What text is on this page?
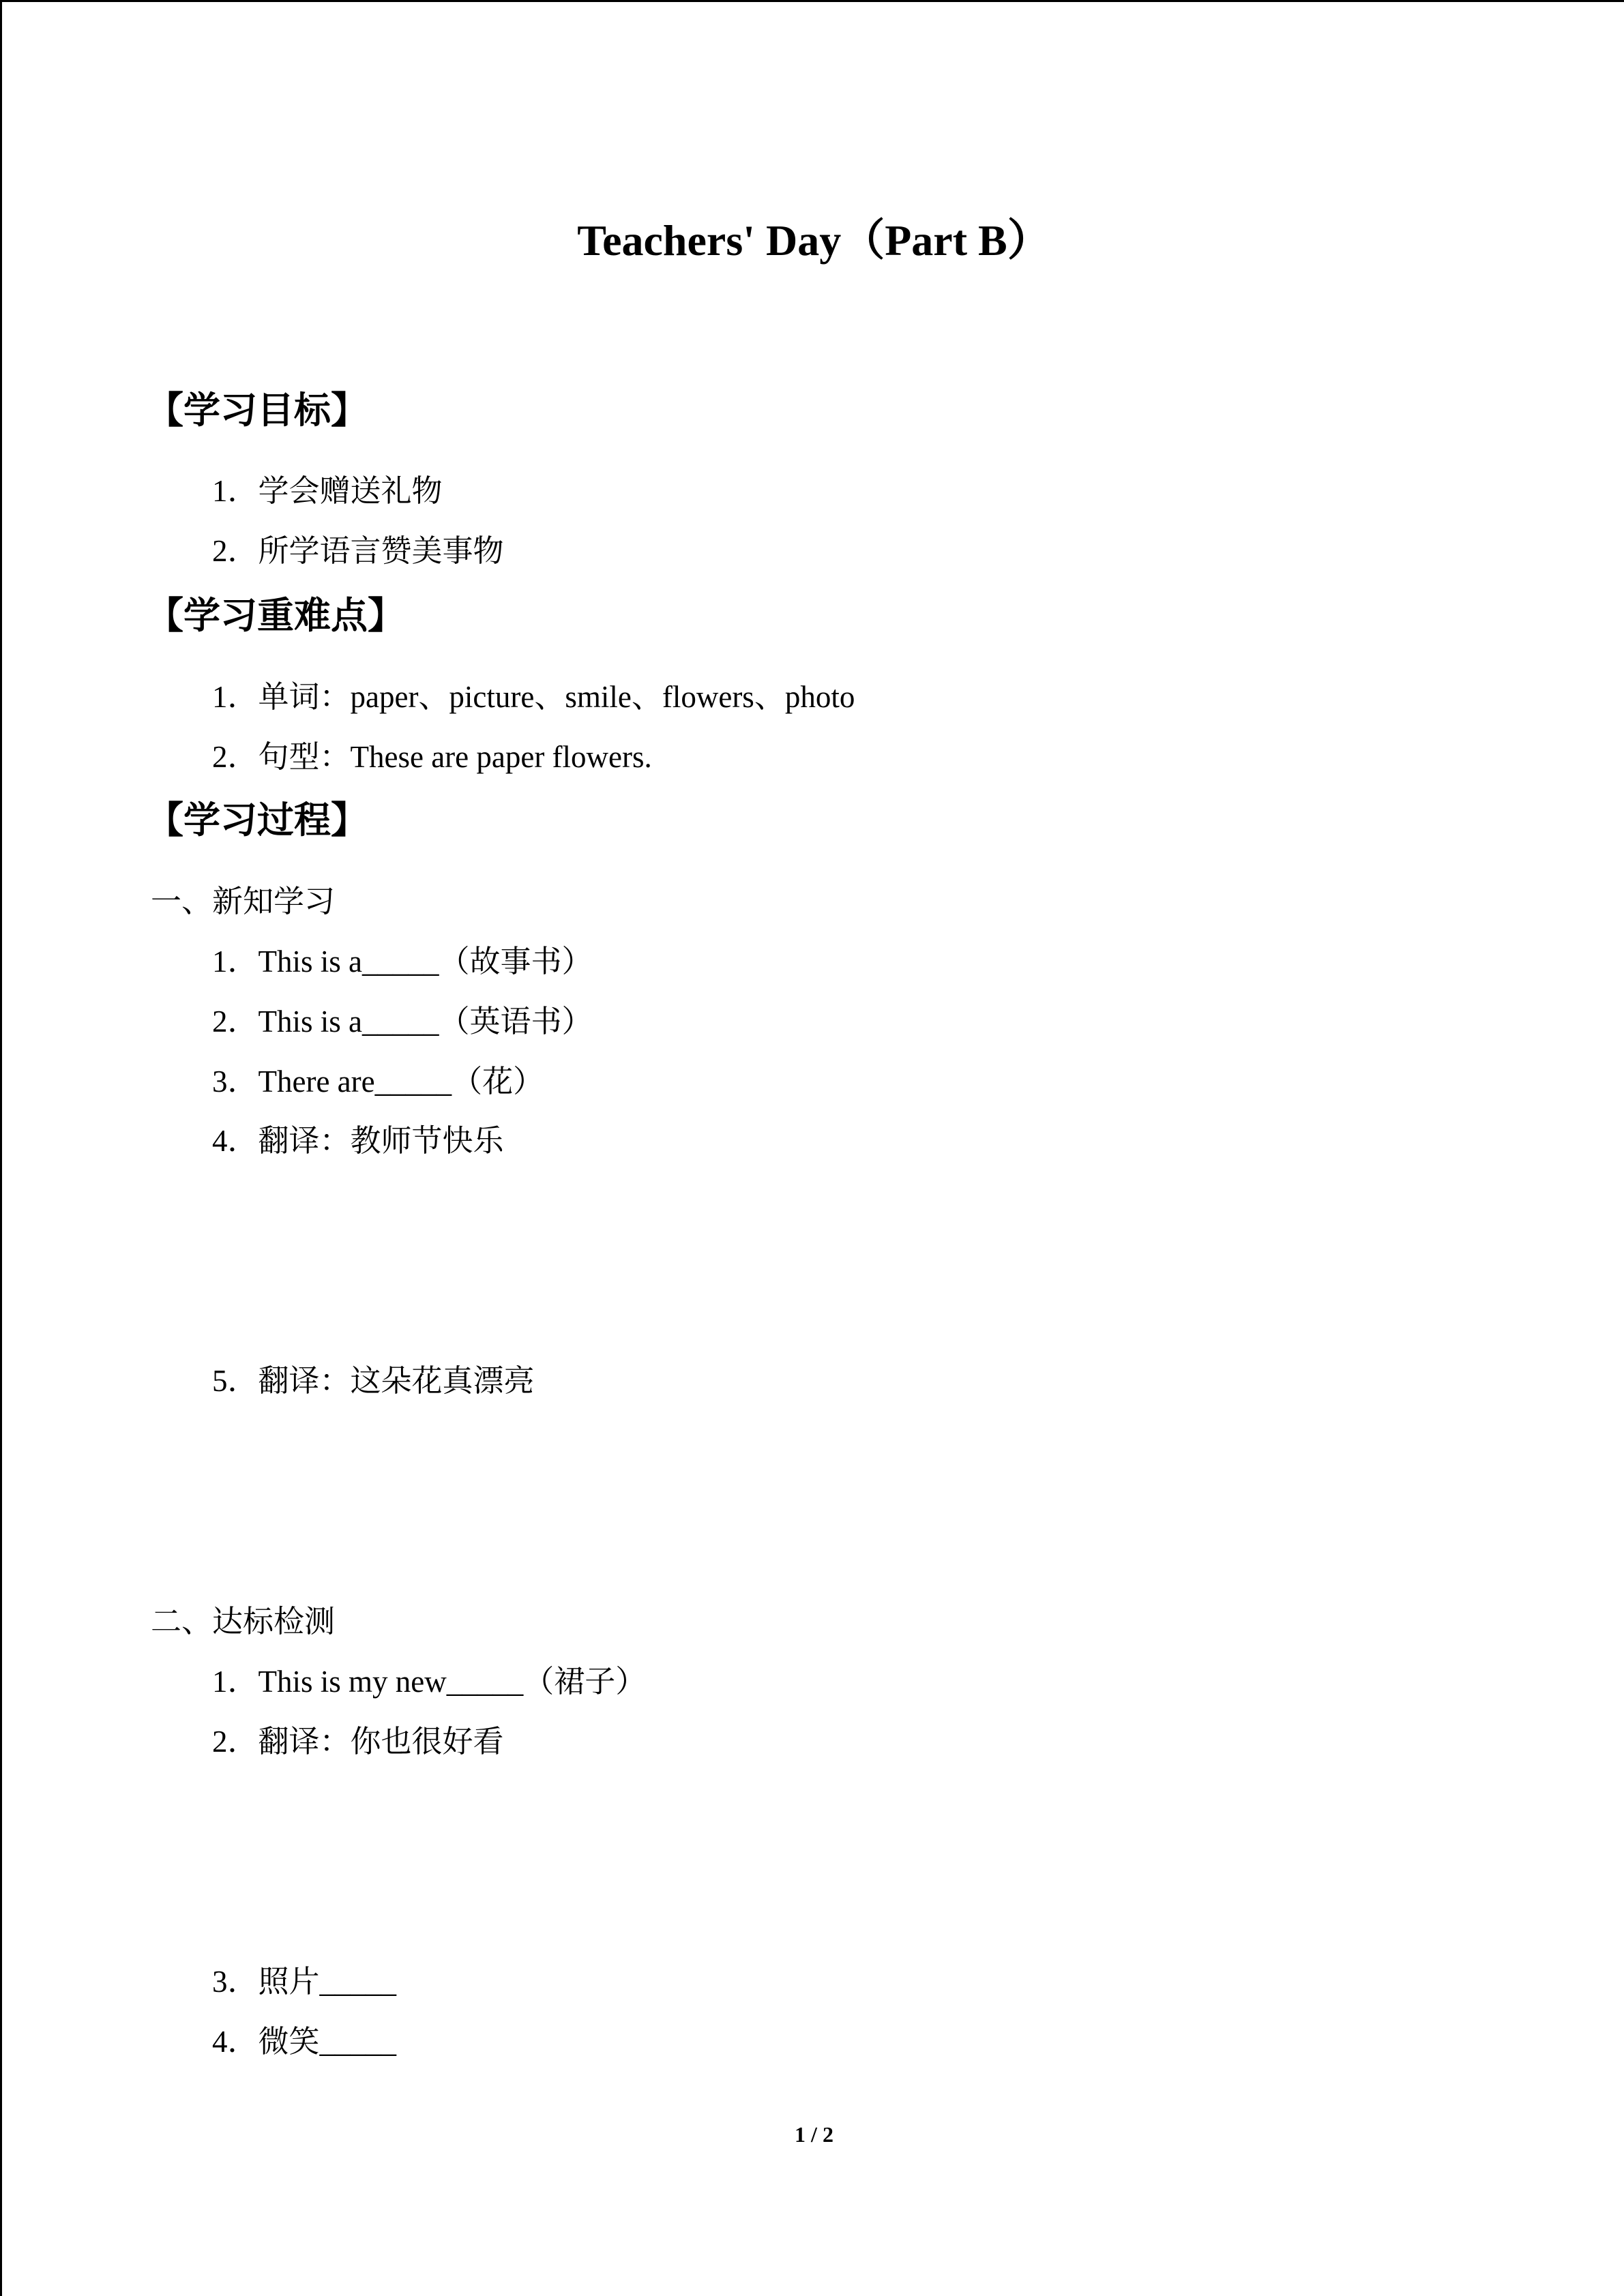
Teachers' Day（Part B）
【学习目标】
1．学会赠送礼物
2．所学语言赞美事物
【学习重难点】
1．单词：paper、picture、smile、flowers、photo
2．句型：These are paper flowers.
【学习过程】
一、新知学习
1．This is a_____（故事书）
2．This is a_____（英语书）
3．There are_____（花）
4．翻译：教师节快乐
5．翻译：这朵花真漂亮
二、达标检测
1．This is my new_____（裙子）
2．翻译：你也很好看
3．照片_____
4．微笑_____
1 / 2
